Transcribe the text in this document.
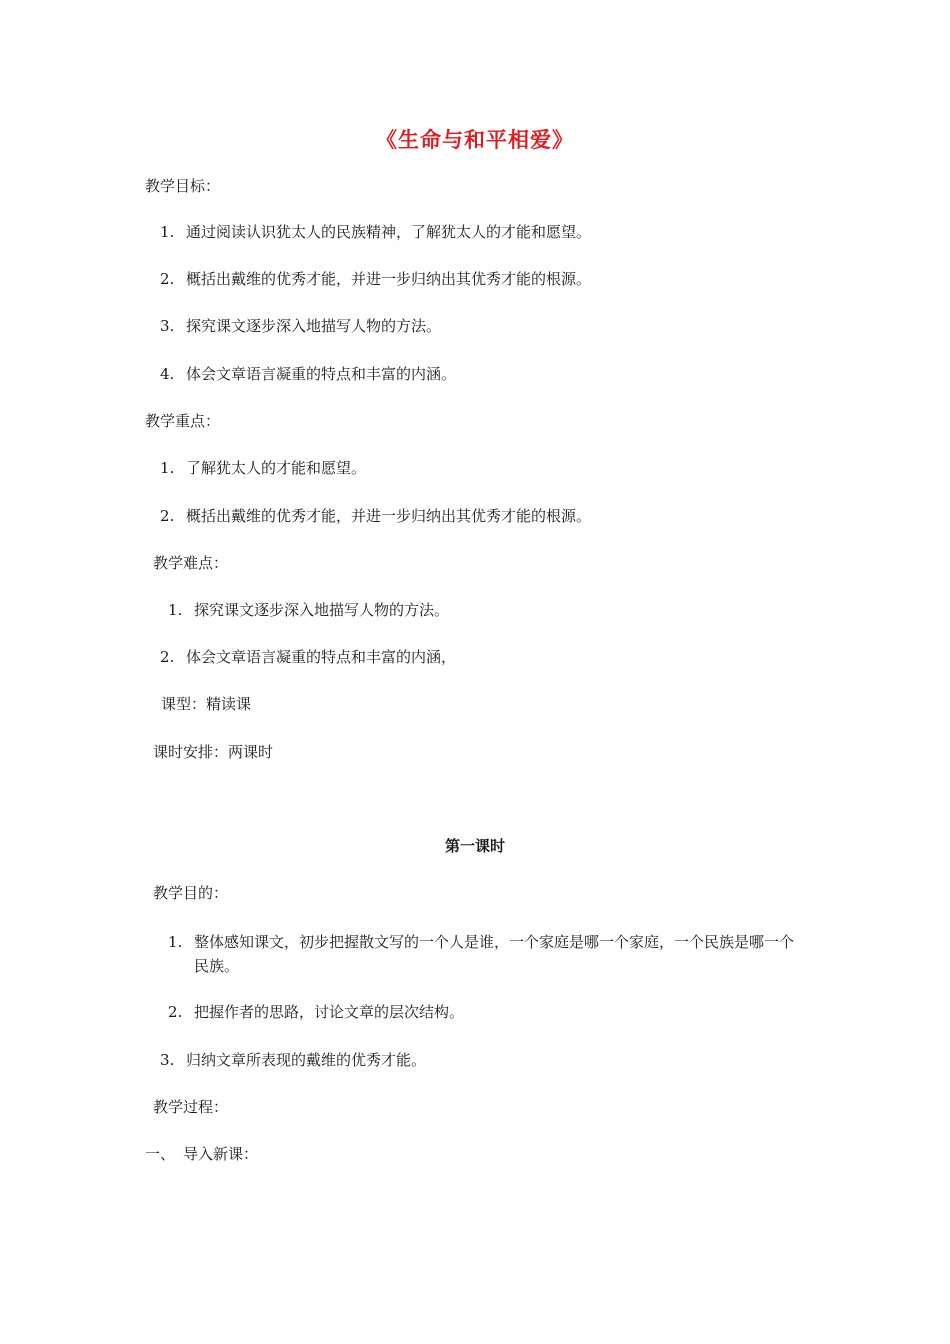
《生命与和平相爱》
教学目标：
1. 通过阅读认识犹太人的民族精神，了解犹太人的才能和愿望。
2. 概括出戴维的优秀才能，并进一步归纳出其优秀才能的根源。
3. 探究课文逐步深入地描写人物的方法。
4. 体会文章语言凝重的特点和丰富的内涵。
教学重点：
1. 了解犹太人的才能和愿望。
2. 概括出戴维的优秀才能，并进一步归纳出其优秀才能的根源。
教学难点：
1. 探究课文逐步深入地描写人物的方法。
2. 体会文章语言凝重的特点和丰富的内涵，
课型：精读课
课时安排：两课时
第一课时
教学目的：
1. 整体感知课文，初步把握散文写的一个人是谁，一个家庭是哪一个家庭，一个民族是哪一个民族。
2. 把握作者的思路，讨论文章的层次结构。
3. 归纳文章所表现的戴维的优秀才能。
教学过程：
一、 导入新课：
